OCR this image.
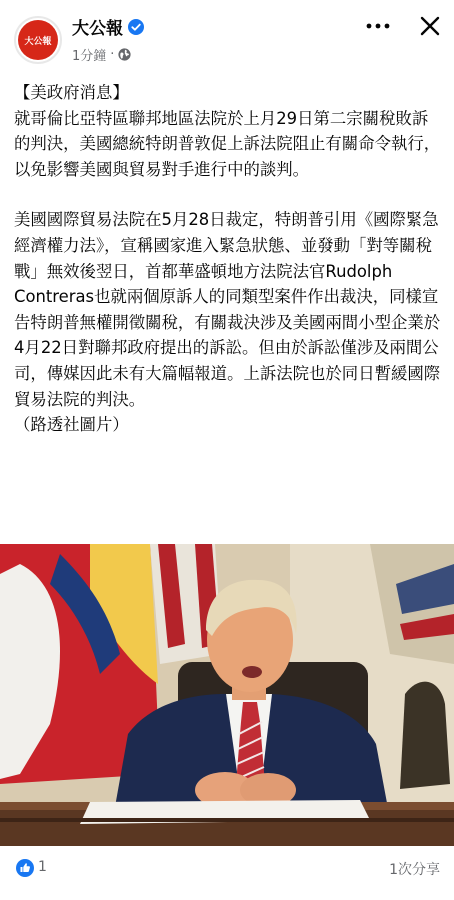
大公報
大公報
1分鐘 ·

【美政府消息】
就哥倫比亞特區聯邦地區法院於上月29日第二宗關稅敗訴的判決，美國總統特朗普敦促上訴法院阻止有關命令執行，以免影響美國與貿易對手進行中的談判。

美國國際貿易法院在5月28日裁定，特朗普引用《國際緊急經濟權力法》，宣稱國家進入緊急狀態、並發動「對等關稅戰」無效後翌日，首都華盛頓地方法院法官Rudolph Contreras也就兩個原訴人的同類型案件作出裁決，同樣宣告特朗普無權開徵關稅，有關裁決涉及美國兩間小型企業於4月22日對聯邦政府提出的訴訟。但由於訴訟僅涉及兩間公司，傳媒因此未有大篇幅報道。上訴法院也於同日暫緩國際貿易法院的判決。

（路透社圖片）

1	1次分享
